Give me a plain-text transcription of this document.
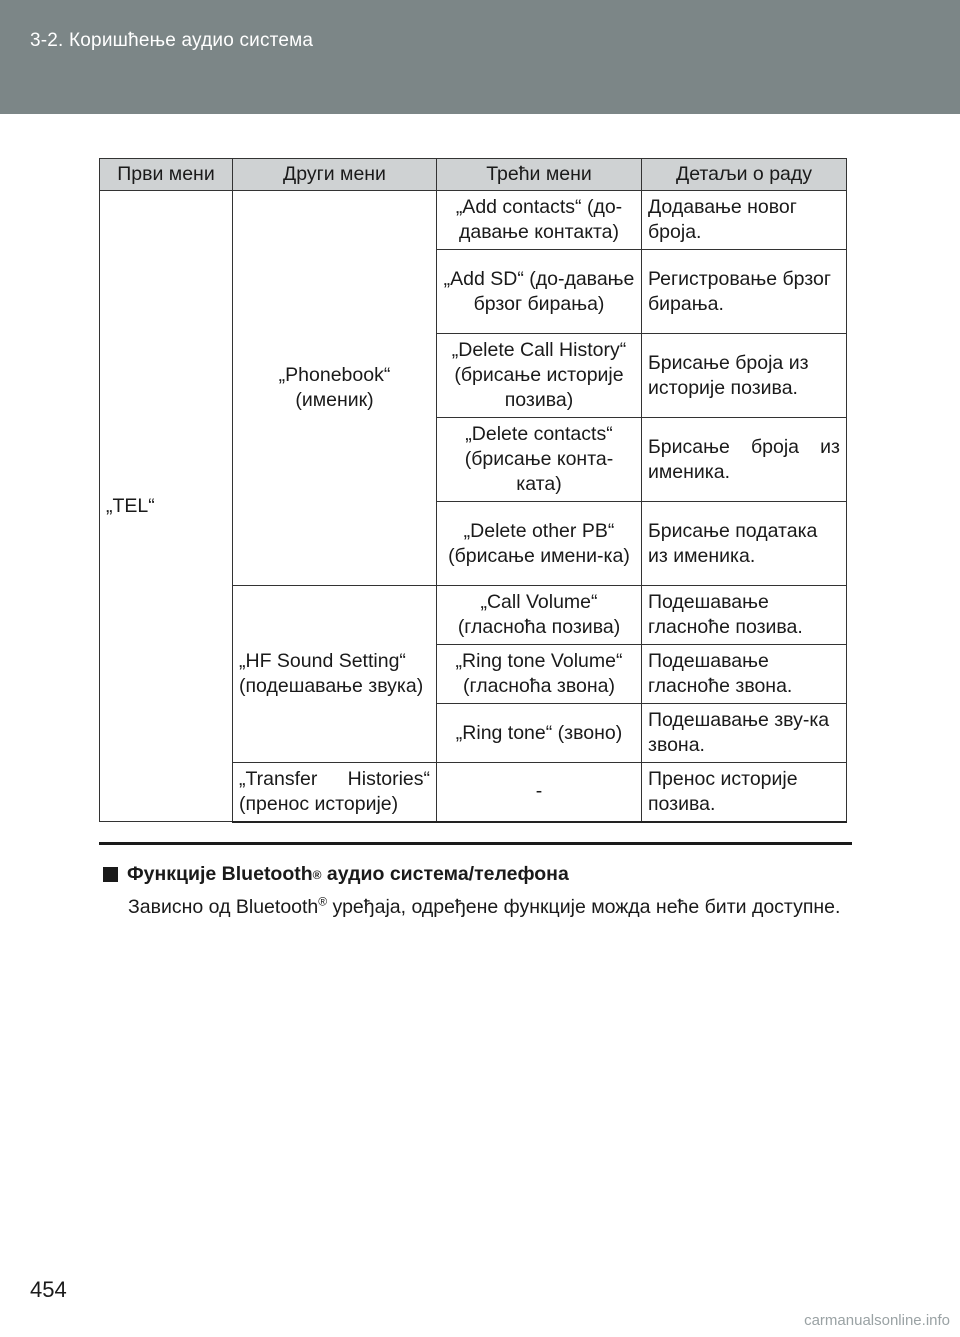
3-2. Коришћење аудио система
Први мени	Други мени	Трећи мени	Детаљи о раду
„TEL“	„Phonebook“ (именик)	„Add contacts“ (до-давање контакта)	Додавање новог броја.
		„Add SD“ (до-давање брзог бирања)	Регистровање брзог бирања.
		„Delete Call History“ (брисање историје позива)	Брисање броја из историје позива.
		„Delete contacts“ (брисање конта-ката)	Брисање броја из именика.
		„Delete other PB“ (брисање имени-ка)	Брисање података из именика.
	„HF Sound Setting“ (подешавање звука)	„Call Volume“ (гласноћа позива)	Подешавање гласноће позива.
		„Ring tone Volume“ (гласноћа звона)	Подешавање гласноће звона.
		„Ring tone“ (звоно)	Подешавање зву-ка звона.
	„Transfer Histories“ (пренос историје)	-	Пренос историје позива.
Функције Bluetooth ® аудио система/телефона
Зависно од Bluetooth® уређаја, одређене функције можда неће бити доступне.
454
carmanualsonline.info
